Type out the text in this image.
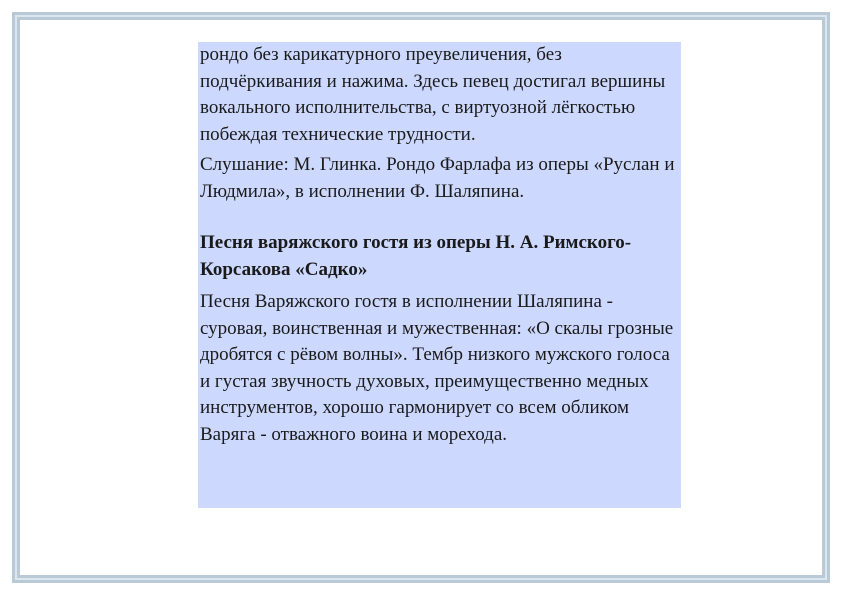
рондо без карикатурного преувеличения, без подчёркивания и нажима. Здесь певец достигал вершины вокального исполнительства, с виртуозной лёгкостью побеждая технические трудности.

Слушание: М. Глинка. Рондо Фарлафа из оперы «Руслан и Людмила», в исполнении Ф. Шаляпина.

Песня варяжского гостя из оперы Н. А. Римского-Корсакова «Садко»

Песня Варяжского гостя в исполнении Шаляпина - суровая, воинственная и мужественная: «О скалы грозные дробятся с рёвом волны». Тембр низкого мужского голоса и густая звучность духовых, преимущественно медных инструментов, хорошо гармонирует со всем обликом Варяга - отважного воина и морехода.
